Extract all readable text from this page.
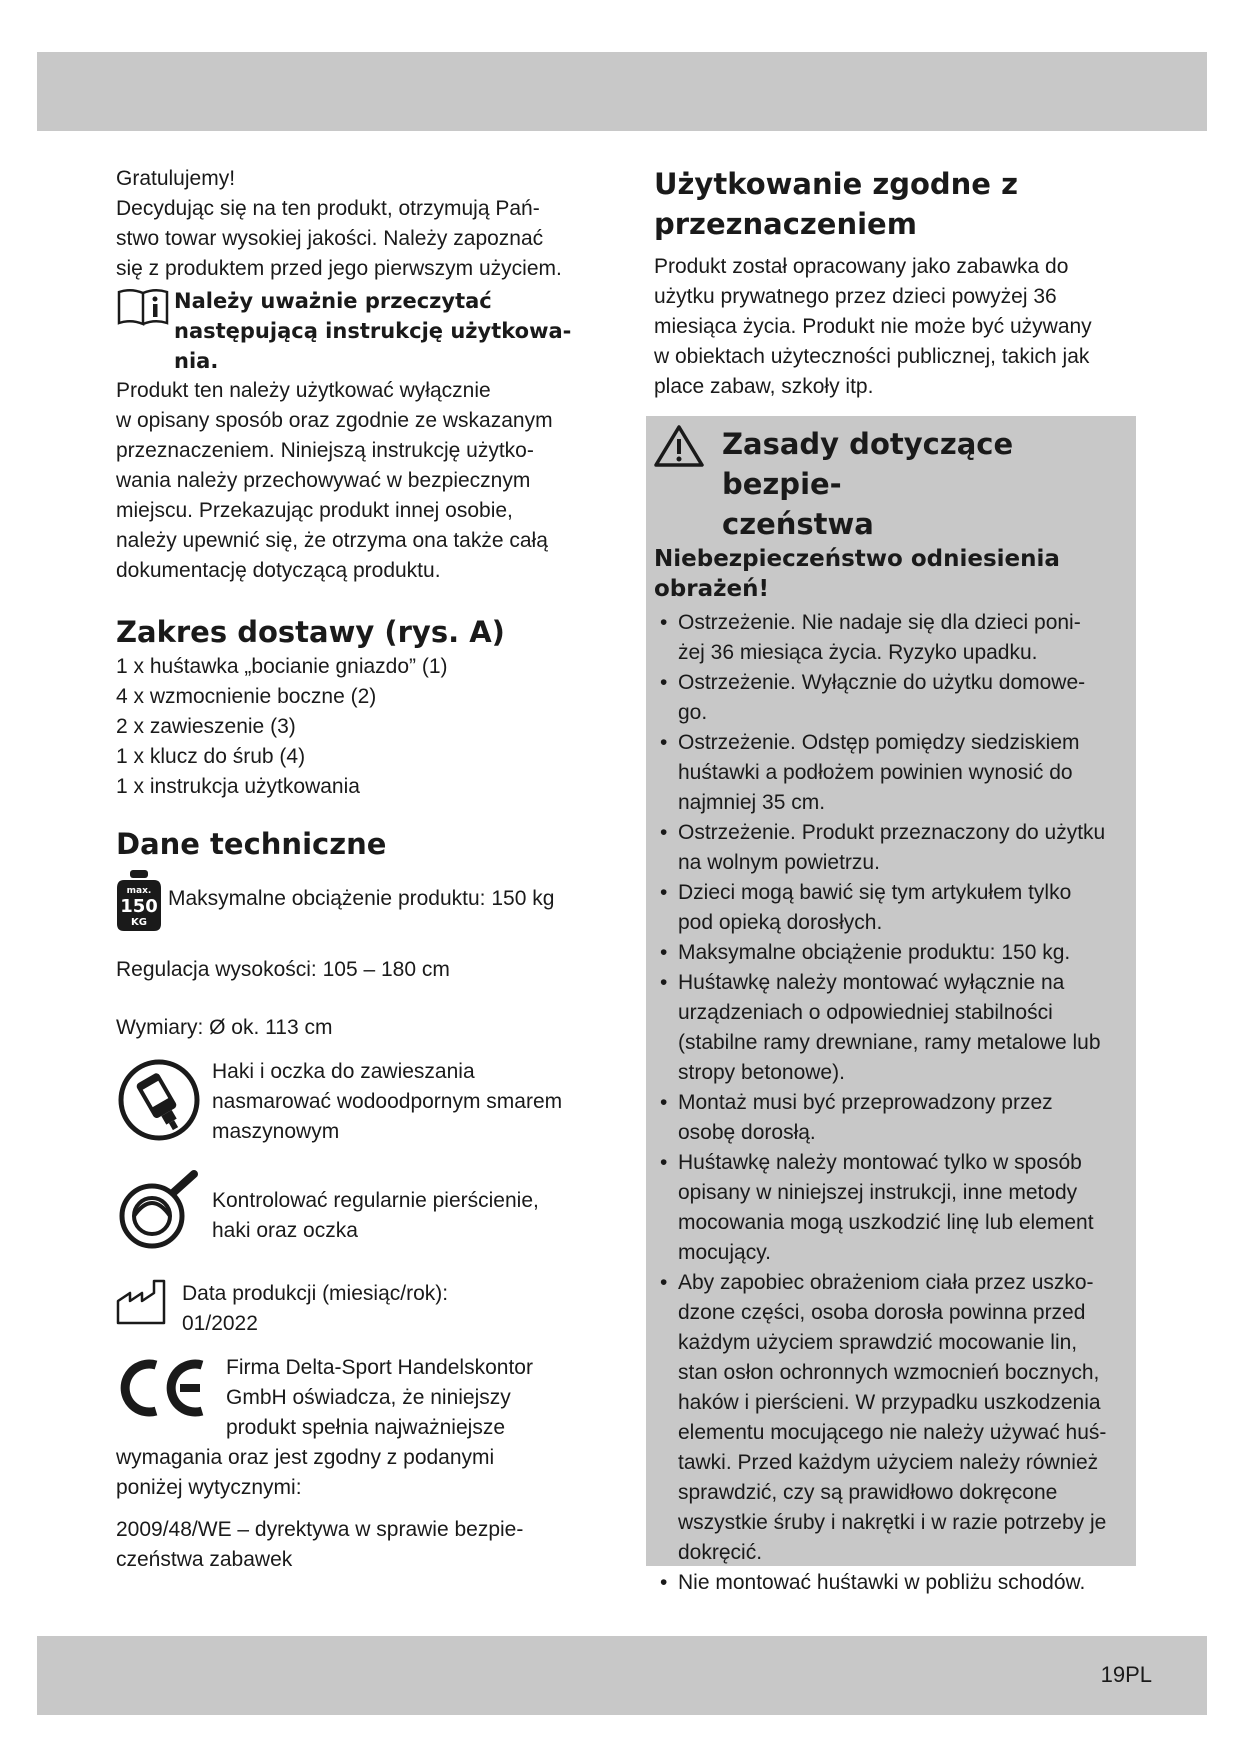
Gratulujemy!

Decydując się na ten produkt, otrzymują Pań-
stwo towar wysokiej jakości. Należy zapoznać
się z produktem przed jego pierwszym użyciem.

Należy uważnie przeczytać
następującą instrukcję użytkowa-
nia.

Produkt ten należy użytkować wyłącznie
w opisany sposób oraz zgodnie ze wskazanym
przeznaczeniem. Niniejszą instrukcję użytko-
wania należy przechowywać w bezpiecznym
miejscu. Przekazując produkt innej osobie,
należy upewnić się, że otrzyma ona także całą
dokumentację dotyczącą produktu.

Zakres dostawy (rys. A)

1 x huśtawka „bocianie gniazdo” (1)

4 x wzmocnienie boczne (2)

2 x zawieszenie (3)

1 x klucz do śrub (4)

1 x instrukcja użytkowania

Dane techniczne
max.
150
KG

Maksymalne obciążenie produktu: 150 kg

Regulacja wysokości: 105 – 180 cm

Wymiary: Ø ok. 113 cm

Haki i oczka do zawieszania
nasmarować wodoodpornym smarem
maszynowym

Kontrolować regularnie pierścienie,
haki oraz oczka

Data produkcji (miesiąc/rok):
01/2022

Firma Delta-Sport Handelskontor
GmbH oświadcza, że niniejszy
produkt spełnia najważniejsze

wymagania oraz jest zgodny z podanymi
poniżej wytycznymi:

2009/48/WE – dyrektywa w sprawie bezpie-
czeństwa zabawek

Użytkowanie zgodne z
przeznaczeniem

Produkt został opracowany jako zabawka do
użytku prywatnego przez dzieci powyżej 36
miesiąca życia. Produkt nie może być używany
w obiektach użyteczności publicznej, takich jak
place zabaw, szkoły itp.

Zasady dotyczące bezpie-
czeństwa

Niebezpieczeństwo odniesienia
obrażeń!

• Ostrzeżenie. Nie nadaje się dla dzieci poni-
żej 36 miesiąca życia. Ryzyko upadku.
• Ostrzeżenie. Wyłącznie do użytku domowe-
go.
• Ostrzeżenie. Odstęp pomiędzy siedziskiem
huśtawki a podłożem powinien wynosić do
najmniej 35 cm.
• Ostrzeżenie. Produkt przeznaczony do użytku
na wolnym powietrzu.
• Dzieci mogą bawić się tym artykułem tylko
pod opieką dorosłych.
• Maksymalne obciążenie produktu: 150 kg.
• Huśtawkę należy montować wyłącznie na
urządzeniach o odpowiedniej stabilności
(stabilne ramy drewniane, ramy metalowe lub
stropy betonowe).
• Montaż musi być przeprowadzony przez
osobę dorosłą.
• Huśtawkę należy montować tylko w sposób
opisany w niniejszej instrukcji, inne metody
mocowania mogą uszkodzić linę lub element
mocujący.
• Aby zapobiec obrażeniom ciała przez uszko-
dzone części, osoba dorosła powinna przed
każdym użyciem sprawdzić mocowanie lin,
stan osłon ochronnych wzmocnień bocznych,
haków i pierścieni. W przypadku uszkodzenia
elementu mocującego nie należy używać huś-
tawki. Przed każdym użyciem należy również
sprawdzić, czy są prawidłowo dokręcone
wszystkie śruby i nakrętki i w razie potrzeby je
dokręcić.
• Nie montować huśtawki w pobliżu schodów.
19PL
